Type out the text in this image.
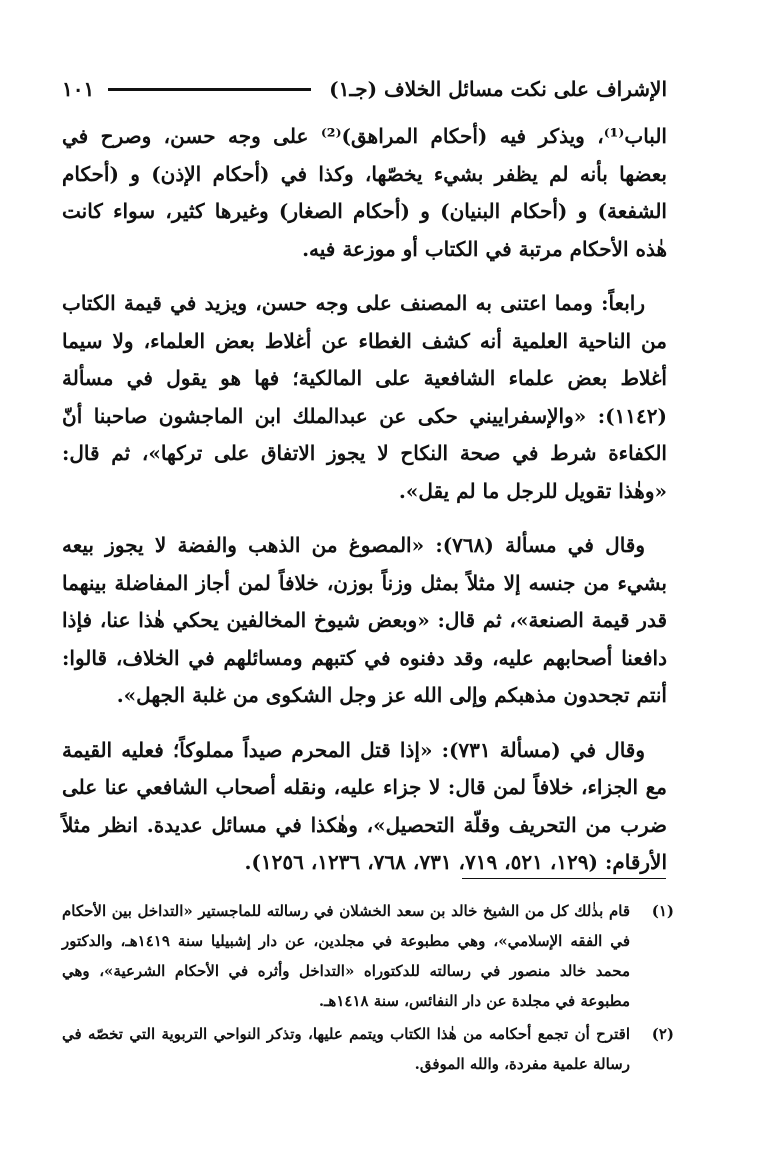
الإشراف على نكت مسائل الخلاف (جـ١)
١٠١

الباب⁽¹⁾، ويذكر فيه (أحكام المراهق)⁽²⁾ على وجه حسن، وصرح في بعضها بأنه لم يظفر بشيء يخصّها، وكذا في (أحكام الإذن) و (أحكام الشفعة) و (أحكام البنيان) و (أحكام الصغار) وغيرها كثير، سواء كانت هٰذه الأحكام مرتبة في الكتاب أو موزعة فيه.

رابعاً: ومما اعتنى به المصنف على وجه حسن، ويزيد في قيمة الكتاب من الناحية العلمية أنه كشف الغطاء عن أغلاط بعض العلماء، ولا سيما أغلاط بعض علماء الشافعية على المالكية؛ فها هو يقول في مسألة (١١٤٢): «والإسفراييني حكى عن عبدالملك ابن الماجشون صاحبنا أنّ الكفاءة شرط في صحة النكاح لا يجوز الاتفاق على تركها»، ثم قال: «وهٰذا تقويل للرجل ما لم يقل».

وقال في مسألة (٧٦٨): «المصوغ من الذهب والفضة لا يجوز بيعه بشيء من جنسه إلا مثلاً بمثل وزناً بوزن، خلافاً لمن أجاز المفاضلة بينهما قدر قيمة الصنعة»، ثم قال: «وبعض شيوخ المخالفين يحكي هٰذا عنا، فإذا دافعنا أصحابهم عليه، وقد دفنوه في كتبهم ومسائلهم في الخلاف، قالوا: أنتم تجحدون مذهبكم وإلى الله عز وجل الشكوى من غلبة الجهل».

وقال في (مسألة ٧٣١): «إذا قتل المحرم صيداً مملوكاً؛ فعليه القيمة مع الجزاء، خلافاً لمن قال: لا جزاء عليه، ونقله أصحاب الشافعي عنا على ضرب من التحريف وقلّة التحصيل»، وهٰكذا في مسائل عديدة. انظر مثلاً الأرقام: (١٢٩، ٥٢١، ٧١٩، ٧٣١، ٧٦٨، ١٢٣٦، ١٢٥٦).

(١)
قام بذٰلك كل من الشيخ خالد بن سعد الخشلان في رسالته للماجستير «التداخل بين الأحكام في الفقه الإسلامي»، وهي مطبوعة في مجلدين، عن دار إشبيليا سنة ١٤١٩هـ، والدكتور محمد خالد منصور في رسالته للدكتوراه «التداخل وأثره في الأحكام الشرعية»، وهي مطبوعة في مجلدة عن دار النفائس، سنة ١٤١٨هـ.
(٢)
اقترح أن تجمع أحكامه من هٰذا الكتاب ويتمم عليها، وتذكر النواحي التربوية التي تخصّه في رسالة علمية مفردة، والله الموفق.
